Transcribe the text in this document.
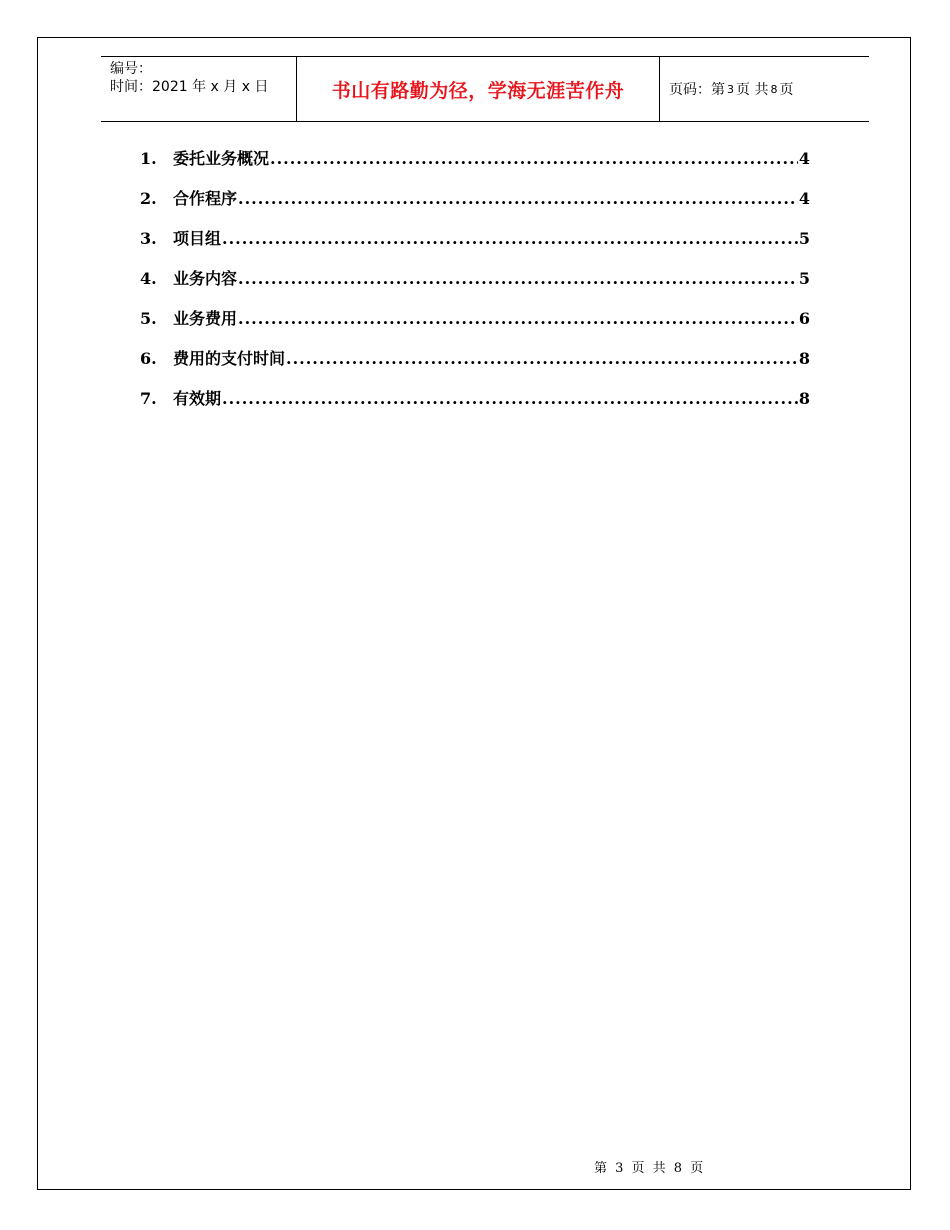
编号：
时间：2021 年 x 月 x 日	书山有路勤为径，学海无涯苦作舟	页码：第 3 页 共 8 页
1.	委托业务概况 .....	4
2.	合作程序 .....	4
3.	项目组 .....	5
4.	业务内容 .....	5
5.	业务费用 .....	6
6.	费用的支付时间 .....	8
7.	有效期 .....	8
第 3 页 共 8 页
